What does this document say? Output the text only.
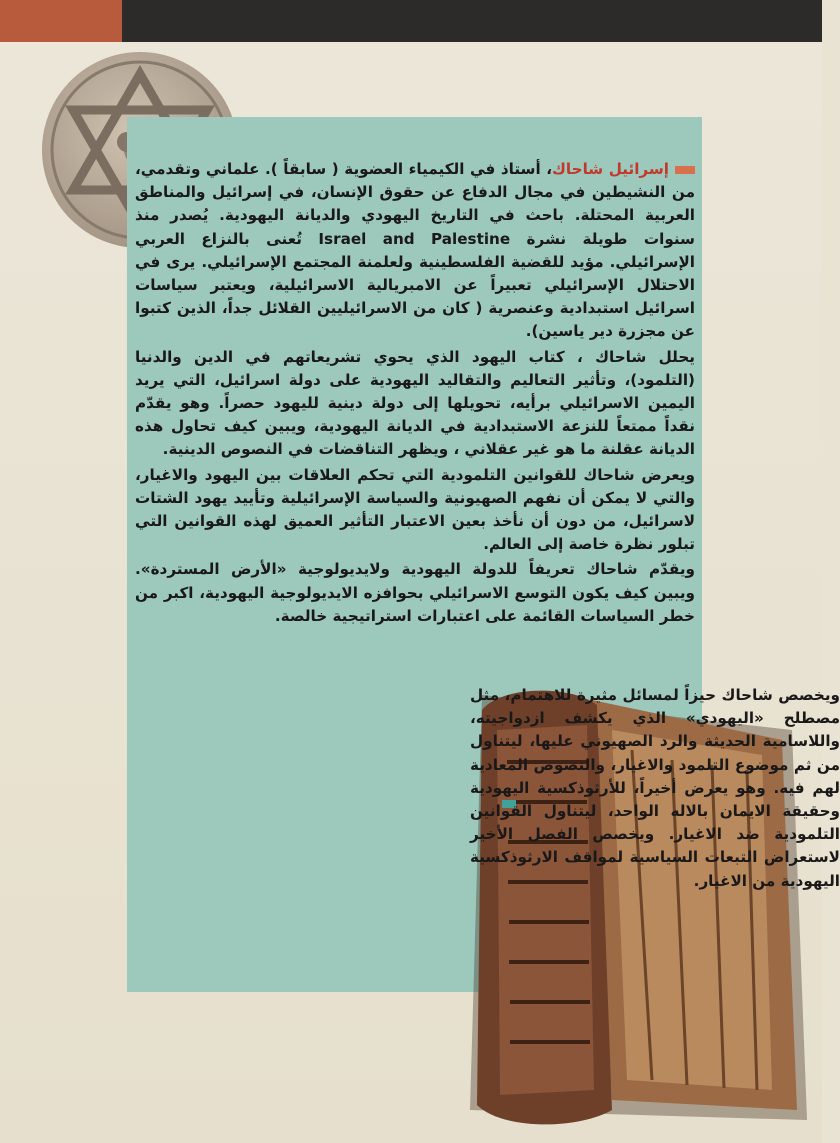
إسرائيل شاحاك، أستاذ في الكيمياء العضوية ( سابقاً ). علماني وتقدمي، من النشيطين في مجال الدفاع عن حقوق الإنسان، في إسرائيل والمناطق العربية المحتلة. باحث في التاريخ اليهودي والديانة اليهودية. يُصدر منذ سنوات طويلة نشرة Israel and Palestine تُعنى بالنزاع العربي الإسرائيلي. مؤيد للقضية الفلسطينية ولعلمنة المجتمع الإسرائيلي. يرى في الاحتلال الإسرائيلي تعبيراً عن الامبريالية الاسرائيلية، ويعتبر سياسات اسرائيل استبدادية وعنصرية ( كان من الاسرائيليين القلائل جداً، الذين كتبوا عن مجزرة دير ياسين).

يحلل شاحاك ، كتاب اليهود الذي يحوي تشريعاتهم في الدين والدنيا (التلمود)، وتأثير التعاليم والتقاليد اليهودية على دولة اسرائيل، التي يريد اليمين الاسرائيلي برأيه، تحويلها إلى دولة دينية لليهود حصراً. وهو يقدّم نقداً ممتعاً للنزعة الاستبدادية في الديانة اليهودية، ويبين كيف تحاول هذه الديانة عقلنة ما هو غير عقلاني ، ويظهر التناقضات في النصوص الدينية.

ويعرض شاحاك للقوانين التلمودية التي تحكم العلاقات بين اليهود والاغيار، والتي لا يمكن أن نفهم الصهيونية والسياسة الإسرائيلية وتأييد يهود الشتات لاسرائيل، من دون أن نأخذ بعين الاعتبار التأثير العميق لهذه القوانين التي تبلور نظرة خاصة إلى العالم.

ويقدّم شاحاك تعريفاً للدولة اليهودية ولايديولوجية «الأرض المستردة». ويبين كيف يكون التوسع الاسرائيلي بحوافزه الايديولوجية اليهودية، اكبر من خطر السياسات القائمة على اعتبارات استراتيجية خالصة.

ويخصص شاحاك حيزاً لمسائل مثيرة للاهتمام، مثل مصطلح «اليهودي» الذي يكشف ازدواجيته، واللاسامية الحديثة والرد الصهيوني عليها، ليتناول من ثم موضوع التلمود والاغيار، والنصوص المعادية لهم فيه. وهو يعرض أخيراً، للأرثوذكسية اليهودية وحقيقة الايمان بالاله الواحد، ليتناول القوانين التلمودية ضد الاغيار. ويخصص الفصل الأخير لاستعراض التبعات السياسية لمواقف الارثوذكسية اليهودية من الاغيار.
